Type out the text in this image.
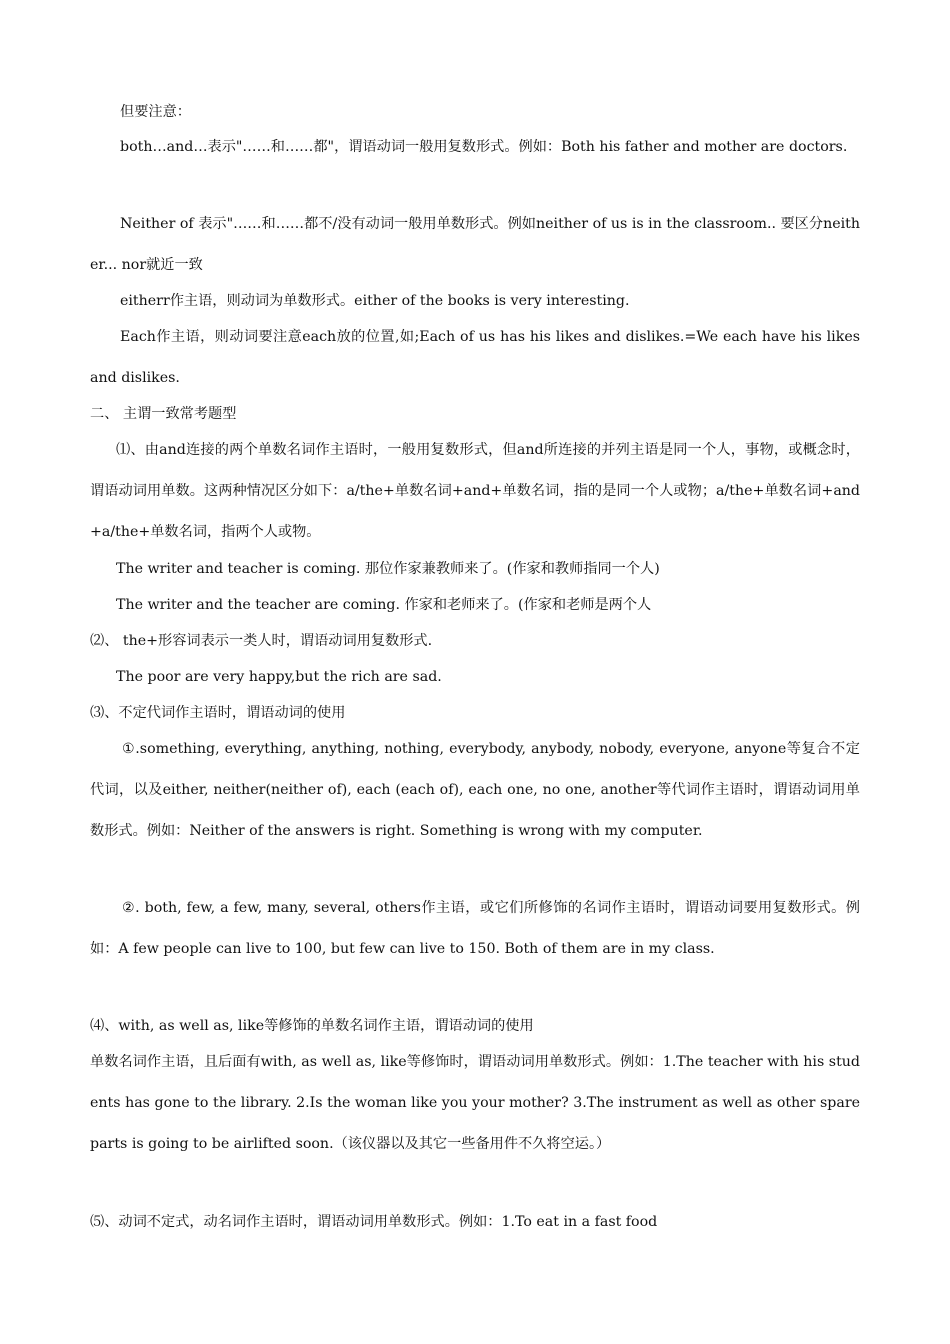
但要注意：

both…and…表示"……和……都"，谓语动词一般用复数形式。例如：Both his father and mother are doctors.

Neither of 表示"……和……都不/没有动词一般用单数形式。例如neither of us is in the classroom.. 要区分neither... nor就近一致

eitherr作主语，则动词为单数形式。either of the books is very interesting.

Each作主语，则动词要注意each放的位置,如;Each of us has his likes and dislikes.=We each have his likes and dislikes.

二、 主谓一致常考题型

⑴、由and连接的两个单数名词作主语时，一般用复数形式，但and所连接的并列主语是同一个人，事物，或概念时，谓语动词用单数。这两种情况区分如下：a/the+单数名词+and+单数名词，指的是同一个人或物；a/the+单数名词+and+a/the+单数名词，指两个人或物。

The writer and teacher is coming. 那位作家兼教师来了。(作家和教师指同一个人)

The writer and the teacher are coming. 作家和老师来了。(作家和老师是两个人

⑵、 the+形容词表示一类人时，谓语动词用复数形式.

The poor are very happy,but the rich are sad.

⑶、不定代词作主语时，谓语动词的使用

①.something, everything, anything, nothing, everybody, anybody, nobody, everyone, anyone等复合不定代词，以及either, neither(neither of), each (each of), each one, no one, another等代词作主语时，谓语动词用单数形式。例如：Neither of the answers is right. Something is wrong with my computer.

②. both, few, a few, many, several, others作主语，或它们所修饰的名词作主语时，谓语动词要用复数形式。例如：A few people can live to 100, but few can live to 150. Both of them are in my class.

⑷、with, as well as, like等修饰的单数名词作主语，谓语动词的使用

单数名词作主语，且后面有with, as well as, like等修饰时，谓语动词用单数形式。例如：1.The teacher with his students has gone to the library. 2.Is the woman like you your mother? 3.The instrument as well as other spare parts is going to be airlifted soon.（该仪器以及其它一些备用件不久将空运。）

⑸、动词不定式，动名词作主语时，谓语动词用单数形式。例如：1.To eat in a fast food
